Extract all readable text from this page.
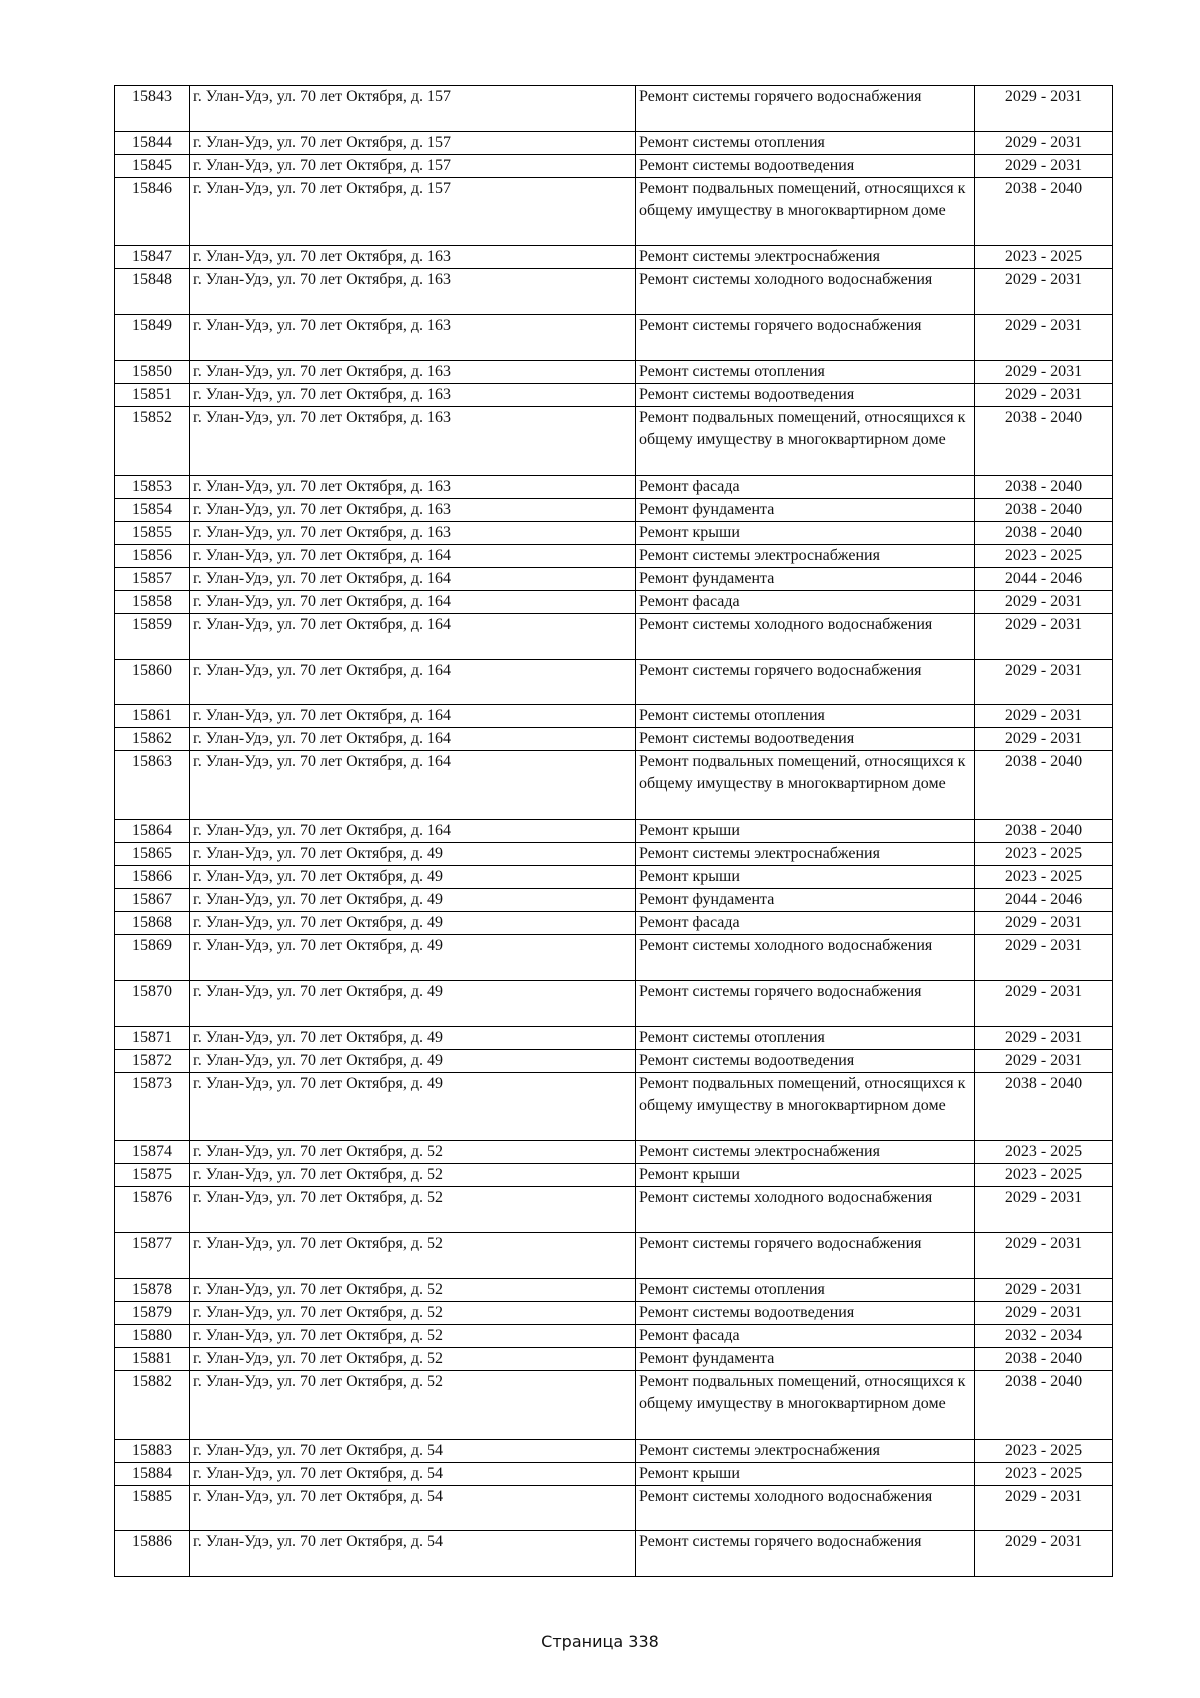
15843	г. Улан-Удэ, ул. 70 лет Октября, д. 157	Ремонт системы горячего водоснабжения	2029 - 2031
15844	г. Улан-Удэ, ул. 70 лет Октября, д. 157	Ремонт системы отопления	2029 - 2031
15845	г. Улан-Удэ, ул. 70 лет Октября, д. 157	Ремонт системы водоотведения	2029 - 2031
15846	г. Улан-Удэ, ул. 70 лет Октября, д. 157	Ремонт подвальных помещений, относящихся к общему имуществу в многоквартирном доме	2038 - 2040
15847	г. Улан-Удэ, ул. 70 лет Октября, д. 163	Ремонт системы электроснабжения	2023 - 2025
15848	г. Улан-Удэ, ул. 70 лет Октября, д. 163	Ремонт системы холодного водоснабжения	2029 - 2031
15849	г. Улан-Удэ, ул. 70 лет Октября, д. 163	Ремонт системы горячего водоснабжения	2029 - 2031
15850	г. Улан-Удэ, ул. 70 лет Октября, д. 163	Ремонт системы отопления	2029 - 2031
15851	г. Улан-Удэ, ул. 70 лет Октября, д. 163	Ремонт системы водоотведения	2029 - 2031
15852	г. Улан-Удэ, ул. 70 лет Октября, д. 163	Ремонт подвальных помещений, относящихся к общему имуществу в многоквартирном доме	2038 - 2040
15853	г. Улан-Удэ, ул. 70 лет Октября, д. 163	Ремонт фасада	2038 - 2040
15854	г. Улан-Удэ, ул. 70 лет Октября, д. 163	Ремонт фундамента	2038 - 2040
15855	г. Улан-Удэ, ул. 70 лет Октября, д. 163	Ремонт крыши	2038 - 2040
15856	г. Улан-Удэ, ул. 70 лет Октября, д. 164	Ремонт системы электроснабжения	2023 - 2025
15857	г. Улан-Удэ, ул. 70 лет Октября, д. 164	Ремонт фундамента	2044 - 2046
15858	г. Улан-Удэ, ул. 70 лет Октября, д. 164	Ремонт фасада	2029 - 2031
15859	г. Улан-Удэ, ул. 70 лет Октября, д. 164	Ремонт системы холодного водоснабжения	2029 - 2031
15860	г. Улан-Удэ, ул. 70 лет Октября, д. 164	Ремонт системы горячего водоснабжения	2029 - 2031
15861	г. Улан-Удэ, ул. 70 лет Октября, д. 164	Ремонт системы отопления	2029 - 2031
15862	г. Улан-Удэ, ул. 70 лет Октября, д. 164	Ремонт системы водоотведения	2029 - 2031
15863	г. Улан-Удэ, ул. 70 лет Октября, д. 164	Ремонт подвальных помещений, относящихся к общему имуществу в многоквартирном доме	2038 - 2040
15864	г. Улан-Удэ, ул. 70 лет Октября, д. 164	Ремонт крыши	2038 - 2040
15865	г. Улан-Удэ, ул. 70 лет Октября, д. 49	Ремонт системы электроснабжения	2023 - 2025
15866	г. Улан-Удэ, ул. 70 лет Октября, д. 49	Ремонт крыши	2023 - 2025
15867	г. Улан-Удэ, ул. 70 лет Октября, д. 49	Ремонт фундамента	2044 - 2046
15868	г. Улан-Удэ, ул. 70 лет Октября, д. 49	Ремонт фасада	2029 - 2031
15869	г. Улан-Удэ, ул. 70 лет Октября, д. 49	Ремонт системы холодного водоснабжения	2029 - 2031
15870	г. Улан-Удэ, ул. 70 лет Октября, д. 49	Ремонт системы горячего водоснабжения	2029 - 2031
15871	г. Улан-Удэ, ул. 70 лет Октября, д. 49	Ремонт системы отопления	2029 - 2031
15872	г. Улан-Удэ, ул. 70 лет Октября, д. 49	Ремонт системы водоотведения	2029 - 2031
15873	г. Улан-Удэ, ул. 70 лет Октября, д. 49	Ремонт подвальных помещений, относящихся к общему имуществу в многоквартирном доме	2038 - 2040
15874	г. Улан-Удэ, ул. 70 лет Октября, д. 52	Ремонт системы электроснабжения	2023 - 2025
15875	г. Улан-Удэ, ул. 70 лет Октября, д. 52	Ремонт крыши	2023 - 2025
15876	г. Улан-Удэ, ул. 70 лет Октября, д. 52	Ремонт системы холодного водоснабжения	2029 - 2031
15877	г. Улан-Удэ, ул. 70 лет Октября, д. 52	Ремонт системы горячего водоснабжения	2029 - 2031
15878	г. Улан-Удэ, ул. 70 лет Октября, д. 52	Ремонт системы отопления	2029 - 2031
15879	г. Улан-Удэ, ул. 70 лет Октября, д. 52	Ремонт системы водоотведения	2029 - 2031
15880	г. Улан-Удэ, ул. 70 лет Октября, д. 52	Ремонт фасада	2032 - 2034
15881	г. Улан-Удэ, ул. 70 лет Октября, д. 52	Ремонт фундамента	2038 - 2040
15882	г. Улан-Удэ, ул. 70 лет Октября, д. 52	Ремонт подвальных помещений, относящихся к общему имуществу в многоквартирном доме	2038 - 2040
15883	г. Улан-Удэ, ул. 70 лет Октября, д. 54	Ремонт системы электроснабжения	2023 - 2025
15884	г. Улан-Удэ, ул. 70 лет Октября, д. 54	Ремонт крыши	2023 - 2025
15885	г. Улан-Удэ, ул. 70 лет Октября, д. 54	Ремонт системы холодного водоснабжения	2029 - 2031
15886	г. Улан-Удэ, ул. 70 лет Октября, д. 54	Ремонт системы горячего водоснабжения	2029 - 2031
Страница 338
